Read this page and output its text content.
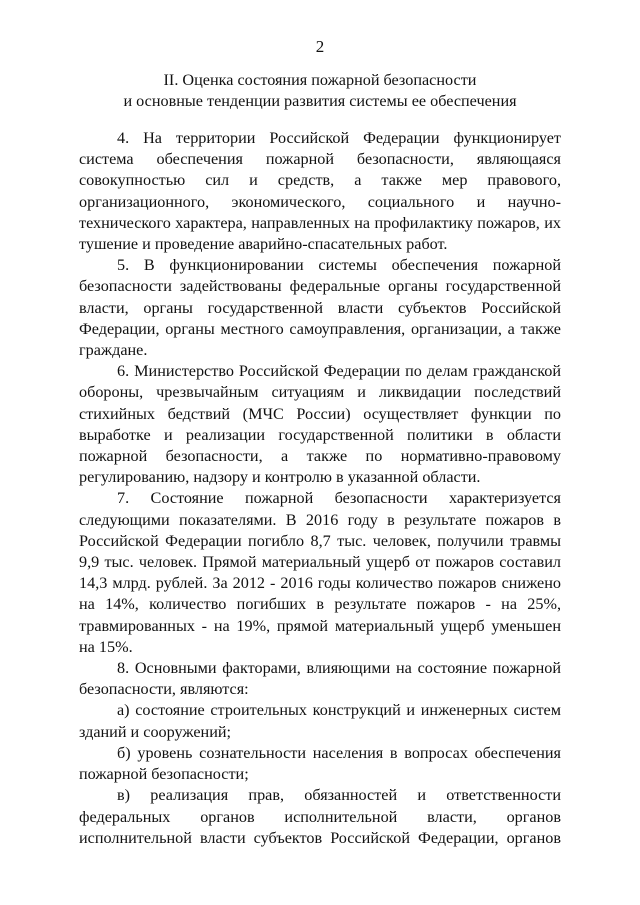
2
II. Оценка состояния пожарной безопасности
и основные тенденции развития системы ее обеспечения

4. На территории Российской Федерации функционирует система обеспечения пожарной безопасности, являющаяся совокупностью сил и средств, а также мер правового, организационного, экономического, социального и научно-технического характера, направленных на профилактику пожаров, их тушение и проведение аварийно-спасательных работ.

5. В функционировании системы обеспечения пожарной безопасности задействованы федеральные органы государственной власти, органы государственной власти субъектов Российской Федерации, органы местного самоуправления, организации, а также граждане.

6. Министерство Российской Федерации по делам гражданской обороны, чрезвычайным ситуациям и ликвидации последствий стихийных бедствий (МЧС России) осуществляет функции по выработке и реализации государственной политики в области пожарной безопасности, а также по нормативно-правовому регулированию, надзору и контролю в указанной области.

7. Состояние пожарной безопасности характеризуется следующими показателями. В 2016 году в результате пожаров в Российской Федерации погибло 8,7 тыс. человек, получили травмы 9,9 тыс. человек. Прямой материальный ущерб от пожаров составил 14,3 млрд. рублей. За 2012 - 2016 годы количество пожаров снижено на 14%, количество погибших в результате пожаров - на 25%, травмированных - на 19%, прямой материальный ущерб уменьшен на 15%.

8. Основными факторами, влияющими на состояние пожарной безопасности, являются:

а) состояние строительных конструкций и инженерных систем зданий и сооружений;

б) уровень сознательности населения в вопросах обеспечения пожарной безопасности;

в) реализация прав, обязанностей и ответственности федеральных органов исполнительной власти, органов исполнительной власти субъектов Российской Федерации, органов
